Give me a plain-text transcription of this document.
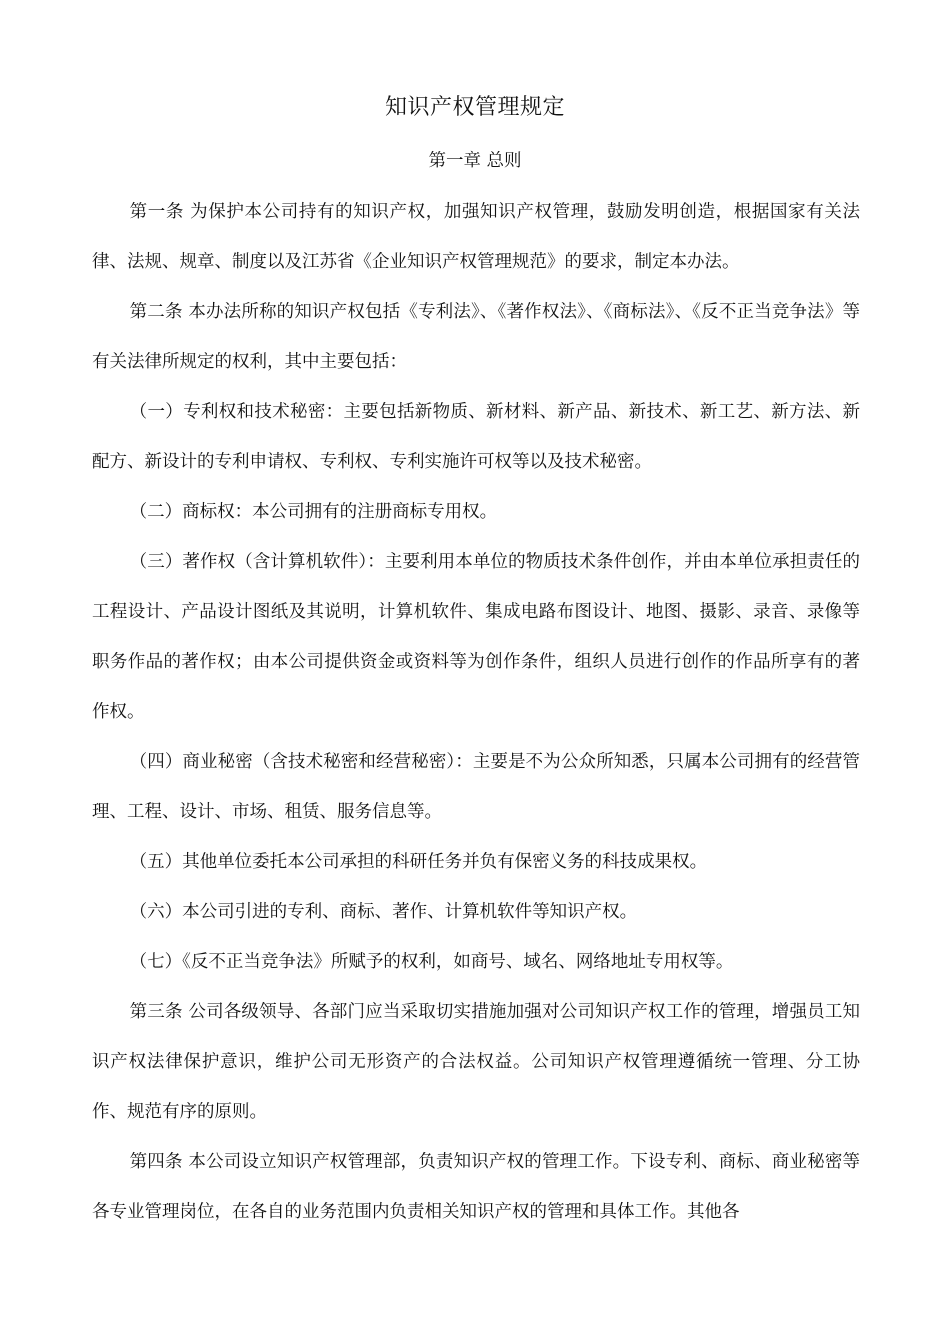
知识产权管理规定
第一章 总则

第一条 为保护本公司持有的知识产权，加强知识产权管理，鼓励发明创造，根据国家有关法律、法规、规章、制度以及江苏省《企业知识产权管理规范》的要求，制定本办法。

第二条 本办法所称的知识产权包括《专利法》、《著作权法》、《商标法》、《反不正当竞争法》等有关法律所规定的权利，其中主要包括：

（一）专利权和技术秘密：主要包括新物质、新材料、新产品、新技术、新工艺、新方法、新配方、新设计的专利申请权、专利权、专利实施许可权等以及技术秘密。

（二）商标权：本公司拥有的注册商标专用权。

（三）著作权（含计算机软件）：主要利用本单位的物质技术条件创作，并由本单位承担责任的工程设计、产品设计图纸及其说明，计算机软件、集成电路布图设计、地图、摄影、录音、录像等职务作品的著作权；由本公司提供资金或资料等为创作条件，组织人员进行创作的作品所享有的著作权。

（四）商业秘密（含技术秘密和经营秘密）：主要是不为公众所知悉，只属本公司拥有的经营管理、工程、设计、市场、租赁、服务信息等。

（五）其他单位委托本公司承担的科研任务并负有保密义务的科技成果权。

（六）本公司引进的专利、商标、著作、计算机软件等知识产权。

（七）《反不正当竞争法》所赋予的权利，如商号、域名、网络地址专用权等。

第三条 公司各级领导、各部门应当采取切实措施加强对公司知识产权工作的管理，增强员工知识产权法律保护意识，维护公司无形资产的合法权益。公司知识产权管理遵循统一管理、分工协作、规范有序的原则。

第四条 本公司设立知识产权管理部，负责知识产权的管理工作。下设专利、商标、商业秘密等各专业管理岗位，在各自的业务范围内负责相关知识产权的管理和具体工作。其他各
